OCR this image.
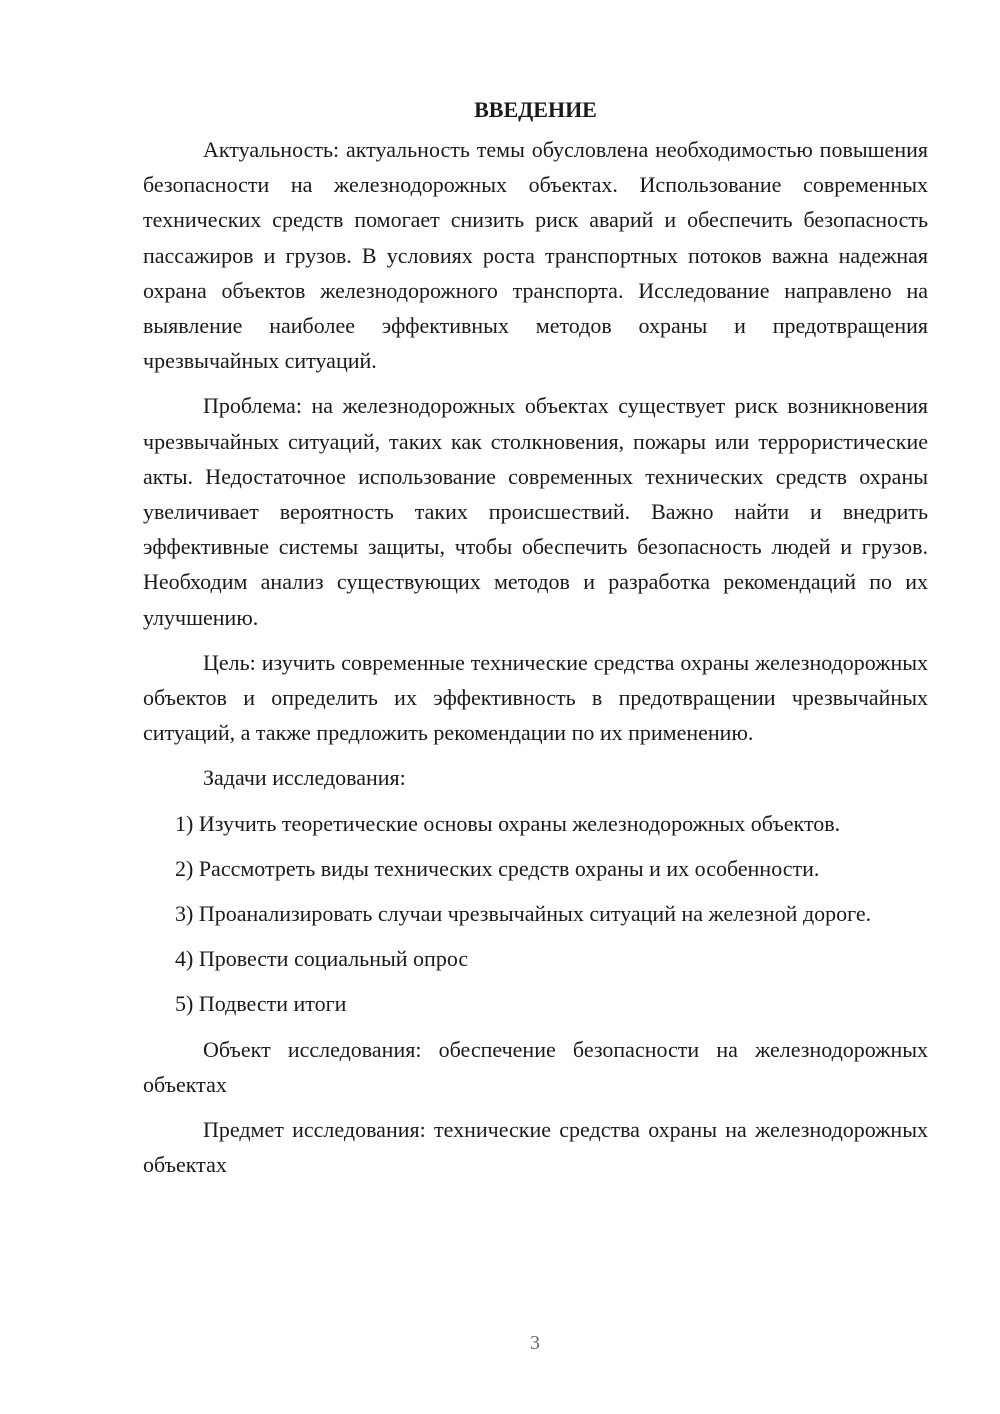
ВВЕДЕНИЕ

Актуальность: актуальность темы обусловлена необходимостью повышения безопасности на железнодорожных объектах. Использование современных технических средств помогает снизить риск аварий и обеспечить безопасность пассажиров и грузов. В условиях роста транспортных потоков важна надежная охрана объектов железнодорожного транспорта. Исследование направлено на выявление наиболее эффективных методов охраны и предотвращения чрезвычайных ситуаций.

Проблема: на железнодорожных объектах существует риск возникновения чрезвычайных ситуаций, таких как столкновения, пожары или террористические акты. Недостаточное использование современных технических средств охраны увеличивает вероятность таких происшествий. Важно найти и внедрить эффективные системы защиты, чтобы обеспечить безопасность людей и грузов. Необходим анализ существующих методов и разработка рекомендаций по их улучшению.

Цель: изучить современные технические средства охраны железнодорожных объектов и определить их эффективность в предотвращении чрезвычайных ситуаций, а также предложить рекомендации по их применению.

Задачи исследования:

1) Изучить теоретические основы охраны железнодорожных объектов.

2) Рассмотреть виды технических средств охраны и их особенности.

3) Проанализировать случаи чрезвычайных ситуаций на железной дороге.

4) Провести социальный опрос

5) Подвести итоги

Объект исследования: обеспечение безопасности на железнодорожных объектах

Предмет исследования: технические средства охраны на железнодорожных объектах

3
